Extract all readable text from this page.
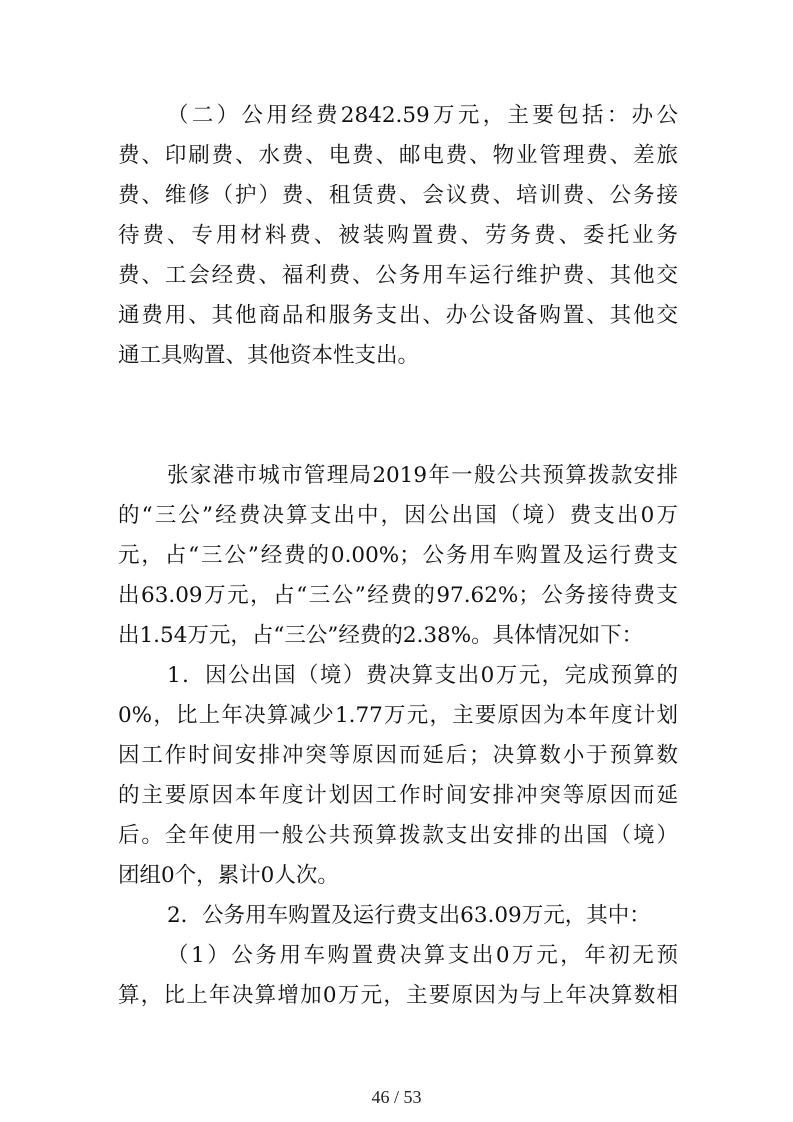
（二）公用经费2842.59万元，主要包括：办公
费、印刷费、水费、电费、邮电费、物业管理费、差旅
费、维修（护）费、租赁费、会议费、培训费、公务接
待费、专用材料费、被装购置费、劳务费、委托业务
费、工会经费、福利费、公务用车运行维护费、其他交
通费用、其他商品和服务支出、办公设备购置、其他交
通工具购置、其他资本性支出。
张家港市城市管理局2019年一般公共预算拨款安排
的“三公”经费决算支出中，因公出国（境）费支出0万
元，占“三公”经费的0.00%；公务用车购置及运行费支
出63.09万元，占“三公”经费的97.62%；公务接待费支
出1.54万元，占“三公”经费的2.38%。具体情况如下：
1．因公出国（境）费决算支出0万元，完成预算的
0%，比上年决算减少1.77万元，主要原因为本年度计划
因工作时间安排冲突等原因而延后；决算数小于预算数
的主要原因本年度计划因工作时间安排冲突等原因而延
后。全年使用一般公共预算拨款支出安排的出国（境）
团组0个，累计0人次。
2．公务用车购置及运行费支出63.09万元，其中：
（1）公务用车购置费决算支出0万元，年初无预
算，比上年决算增加0万元，主要原因为与上年决算数相
46 / 53
